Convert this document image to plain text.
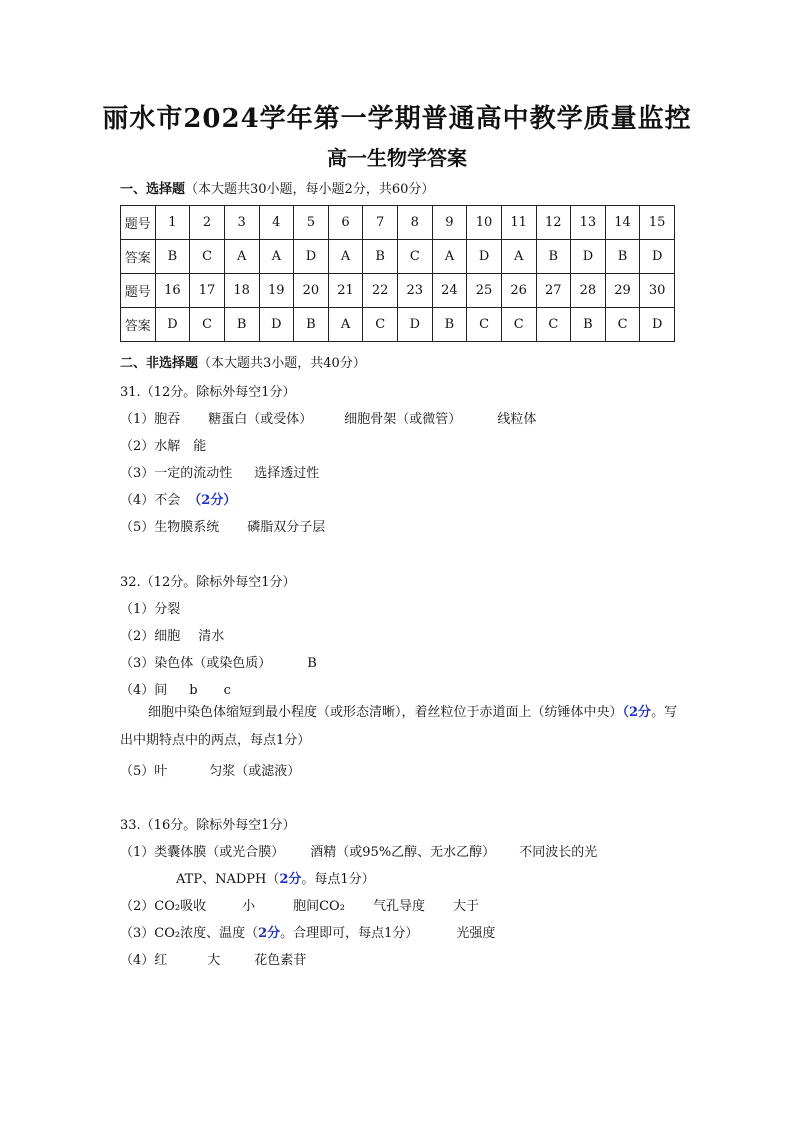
丽水市2024学年第一学期普通高中教学质量监控
高一生物学答案
一、选择题（本大题共30小题，每小题2分，共60分）
题号	1	2	3	4	5	6	7	8	9	10	11	12	13	14	15
答案	B	C	A	A	D	A	B	C	A	D	A	B	D	B	D
题号	16	17	18	19	20	21	22	23	24	25	26	27	28	29	30
答案	D	C	B	D	B	A	C	D	B	C	C	C	B	C	D
二、非选择题（本大题共3小题，共40分）
31.（12分。除标外每空1分）
（1）胞吞 糖蛋白（或受体） 细胞骨架（或微管）	线粒体
（2）水解　能
（3）一定的流动性 选择透过性
（4）不会 （2分）
（5）生物膜系统 磷脂双分子层
32.（12分。除标外每空1分）
（1）分裂
（2）细胞 清水
（3）染色体（或染色质）	B
（4）间 b c
细胞中染色体缩短到最小程度（或形态清晰），着丝粒位于赤道面上（纺锤体中央）（2分。写出中期特点中的两点，每点1分）
（5）叶	匀浆（或滤液）
33.（16分。除标外每空1分）
（1）类囊体膜（或光合膜） 酒精（或95%乙醇、无水乙醇） 不同波长的光
ATP、NADPH（2分。每点1分）
（2）CO₂吸收	小	胞间CO₂ 气孔导度 大于
（3）CO₂浓度、温度（2分。合理即可，每点1分）	光强度
（4）红	大	花色素苷
